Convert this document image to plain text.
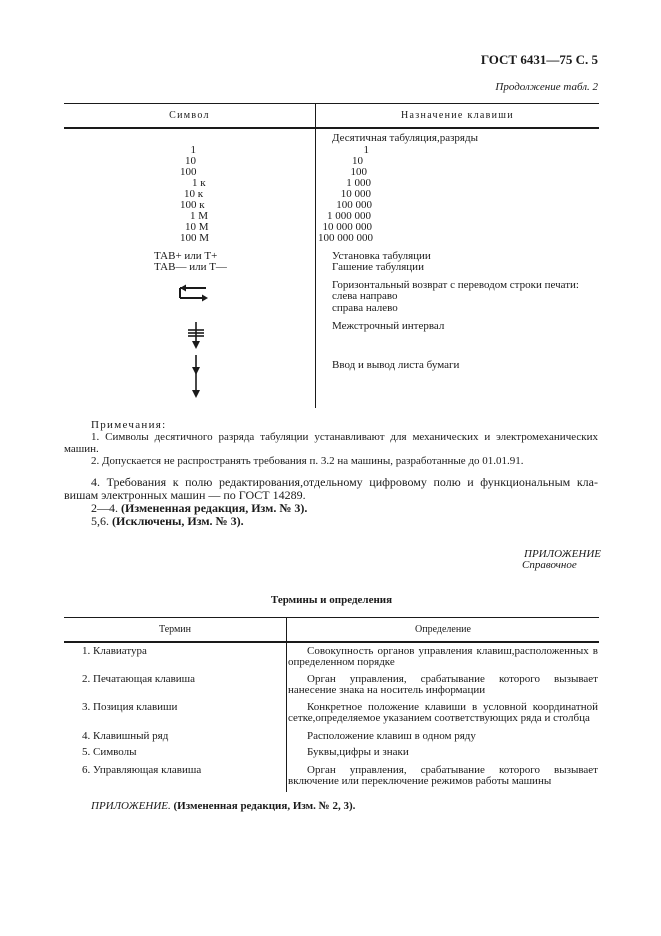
ГОСТ 6431—75 С. 5
Продолжение табл. 2
Символ	Назначение клавиши
Десятичная табуляция,разряды
1	1
10	10
100	100
1 к	1 000
10 к	10 000
100 к	100 000
1 М	1 000 000
10 М	10 000 000
100 М	100 000 000
ТАВ+ или Т+	Установка табуляции
ТАВ— или Т—	Гашение табуляции
Горизонтальный возврат с переводом строки печати:
слева направо
справа налево
Межстрочный интервал
Ввод и вывод листа бумаги
Примечания:
1. Символы десятичного разряда табуляции устанавливают для механических и электромеханических
машин.
2. Допускается не распространять требования п. 3.2 на машины, разработанные до 01.01.91.
4. Требования к полю редактирования,отдельному цифровому полю и функциональным кла-
вишам электронных машин — по ГОСТ 14289.
2—4. (Измененная редакция, Изм. № 3).
5,6. (Исключены, Изм. № 3).
ПРИЛОЖЕНИЕ
Справочное
Термины и определения
Термин	Определение
1. Клавиатура	Совокупность органов управления клавиш,расположенных в
определенном порядке
2. Печатающая клавиша	Орган управления, срабатывание которого вызывает
нанесение знака на носитель информации
3. Позиция клавиши	Конкретное положение клавиши в условной координатной
сетке,определяемое указанием соответствующих ряда и столбца
4. Клавишный ряд	Расположение клавиш в одном ряду
5. Символы	Буквы,цифры и знаки
6. Управляющая клавиша	Орган управления, срабатывание которого вызывает
включение или переключение режимов работы машины
ПРИЛОЖЕНИЕ. (Измененная редакция, Изм. № 2, 3).
